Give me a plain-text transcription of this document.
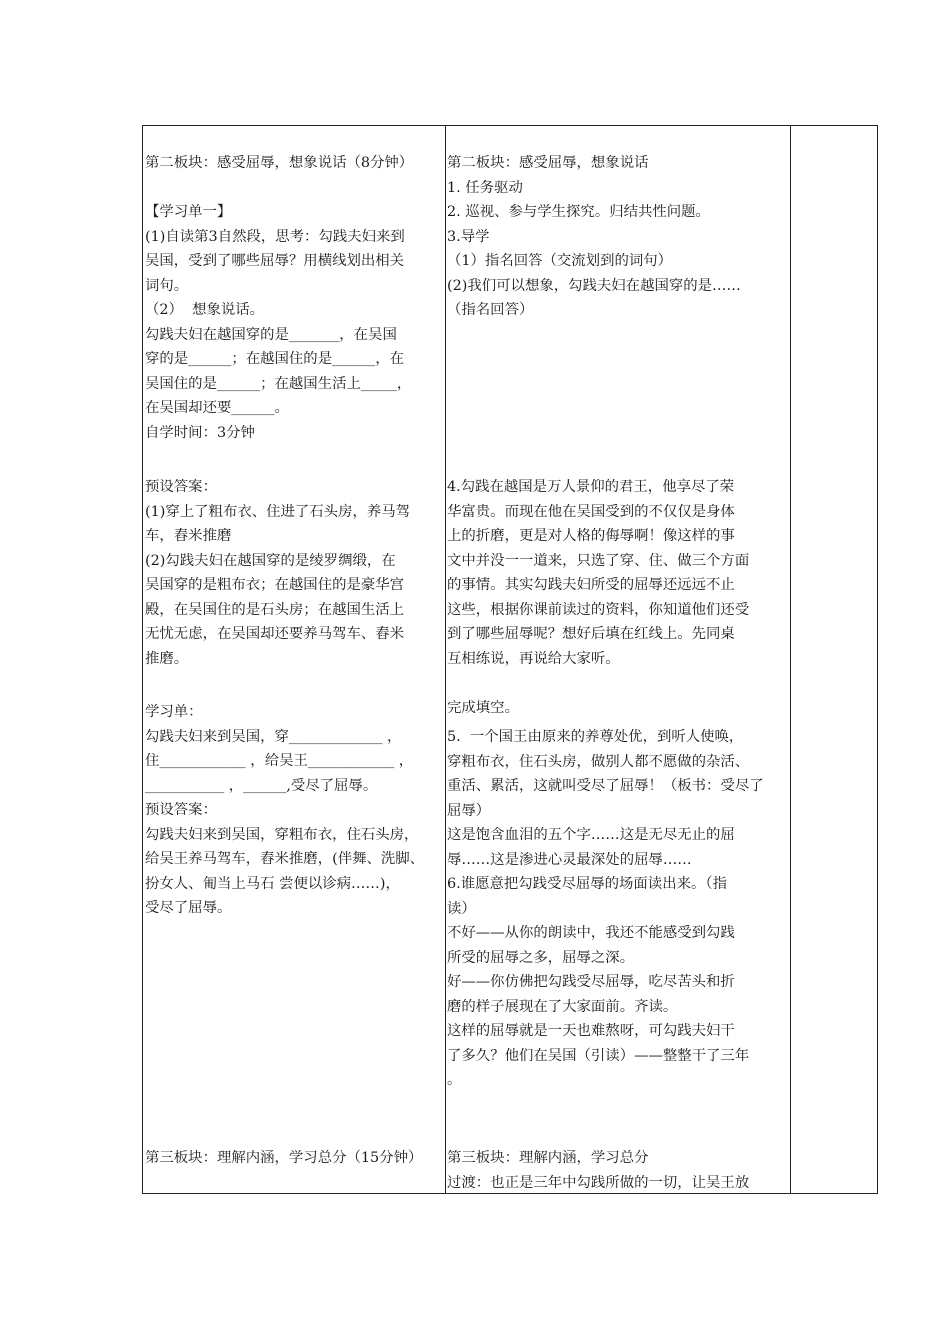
第二板块：感受屈辱，想象说话（8分钟）
【学习单一】
(1)自读第3自然段，思考：勾践夫妇来到
吴国，受到了哪些屈辱？用横线划出相关
词句。
（2）  想象说话。
勾践夫妇在越国穿的是_______，在吴国
穿的是______；在越国住的是______，在
吴国住的是______；在越国生活上_____，
在吴国却还要______。
自学时间：3分钟
预设答案：
(1)穿上了粗布衣、住进了石头房，养马驾
车，舂米推磨
(2)勾践夫妇在越国穿的是绫罗绸缎，在
吴国穿的是粗布衣；在越国住的是豪华宫
殿，在吴国住的是石头房；在越国生活上
无忧无虑，在吴国却还要养马驾车、舂米
推磨。
学习单：
勾践夫妇来到吴国，穿_____________ ，
住____________ ，给吴王____________ ，
___________ ，______,受尽了屈辱。
预设答案：
勾践夫妇来到吴国，穿粗布衣，住石头房，
给吴王养马驾车，舂米推磨，(伴舞、洗脚、
扮女人、匍当上马石 尝便以诊病……)，
受尽了屈辱。
第三板块：理解内涵，学习总分（15分钟）
第二板块：感受屈辱，想象说话
1. 任务驱动
2. 巡视、参与学生探究。归结共性问题。
3.导学
（1）指名回答（交流划到的词句）
(2)我们可以想象，勾践夫妇在越国穿的是……
（指名回答）
4.勾践在越国是万人景仰的君王，他享尽了荣
华富贵。而现在他在吴国受到的不仅仅是身体
上的折磨，更是对人格的侮辱啊！像这样的事
文中并没一一道来，只选了穿、住、做三个方面
的事情。其实勾践夫妇所受的屈辱还远远不止
这些，根据你课前读过的资料，你知道他们还受
到了哪些屈辱呢？想好后填在红线上。先同桌
互相练说，再说给大家听。
完成填空。
5.  一个国王由原来的养尊处优，到听人使唤，
穿粗布衣，住石头房，做别人都不愿做的杂活、
重活、累活，这就叫受尽了屈辱！（板书：受尽了
屈辱）
这是饱含血泪的五个字……这是无尽无止的屈
辱……这是渗进心灵最深处的屈辱……
6.谁愿意把勾践受尽屈辱的场面读出来。（指
读）
不好——从你的朗读中，我还不能感受到勾践
所受的屈辱之多，屈辱之深。
好——你仿佛把勾践受尽屈辱，吃尽苦头和折
磨的样子展现在了大家面前。齐读。
这样的屈辱就是一天也难熬呀，可勾践夫妇干
了多久？他们在吴国（引读）——整整干了三年
。
第三板块：理解内涵，学习总分
过渡：也正是三年中勾践所做的一切，让吴王放
